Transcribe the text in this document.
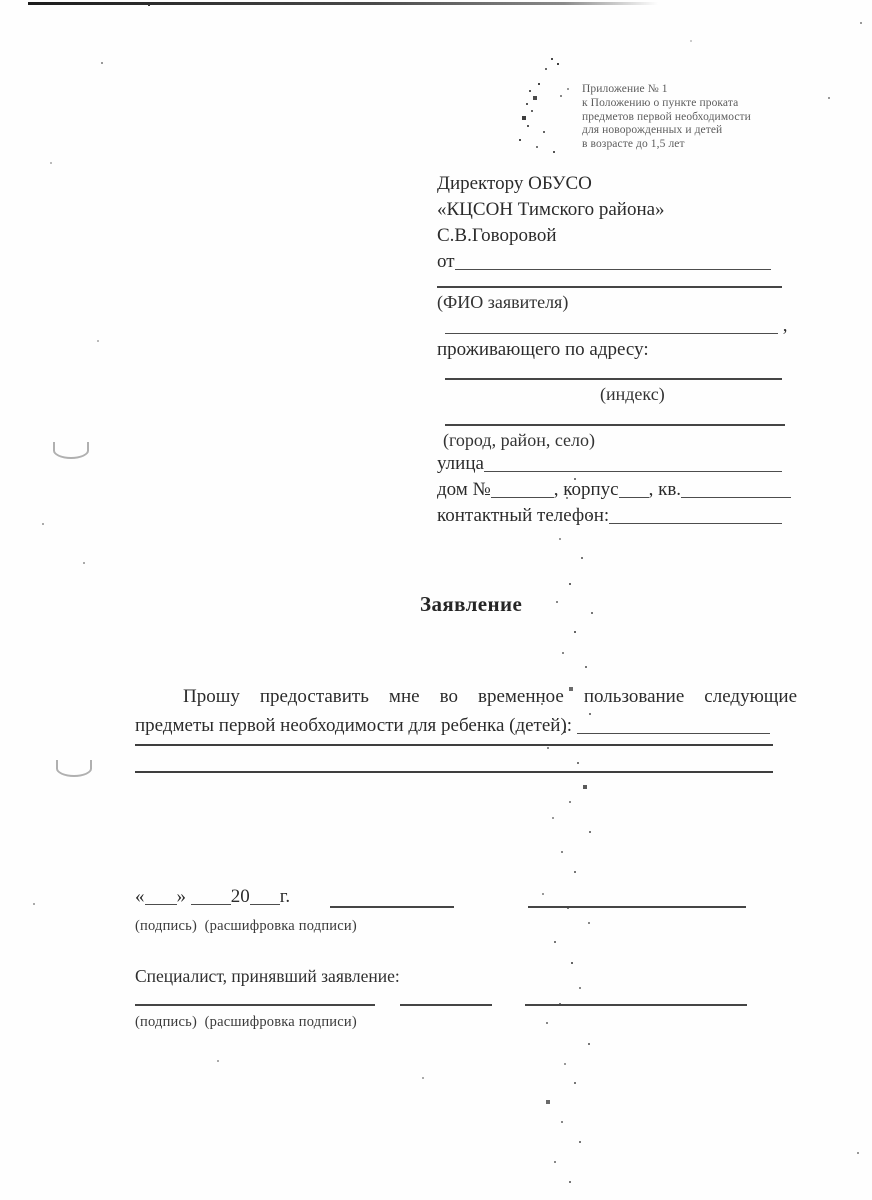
Приложение № 1
к Положению о пункте проката
предметов первой необходимости
для новорожденных и детей
в возрасте до 1,5 лет
Директору ОБУСО
«КЦСОН Тимского района»
С.В.Говоровой
от
(ФИО заявителя)
,
проживающего по адресу:
(индекс)
(город, район, село)
улица
дом №	, корпус , кв.
контактный телефон:
Заявление
Прошу предоставить мне во временное пользование следующие
предметы первой необходимости для ребенка (детей):
« » 20 г.
(подпись) (расшифровка подписи)
Специалист, принявший заявление:
(подпись) (расшифровка подписи)
